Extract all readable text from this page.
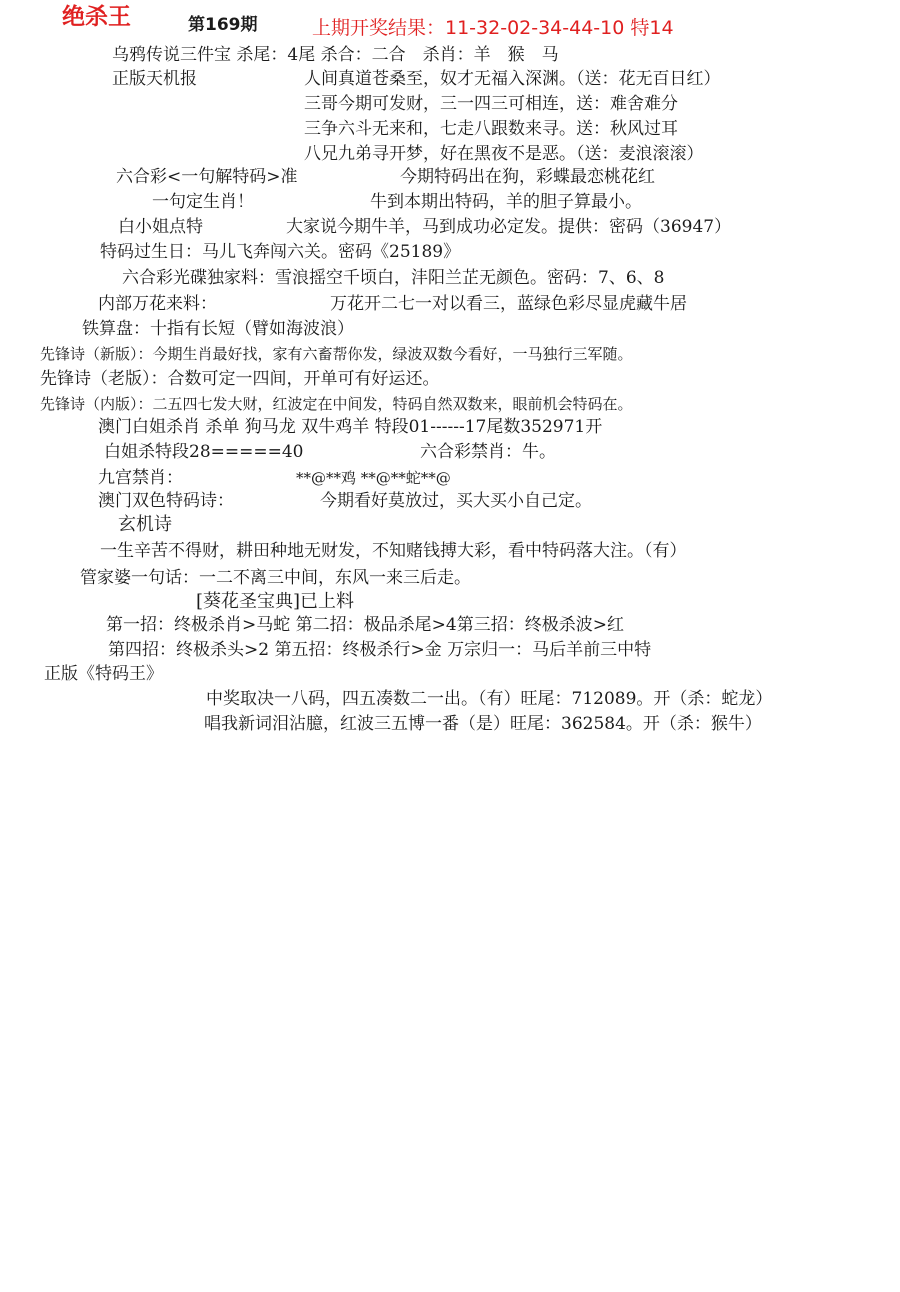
绝杀王	第169期	上期开奖结果：11-32-02-34-44-10 特14
乌鸦传说三件宝 杀尾：4尾 杀合：二合　杀肖：羊　猴　马
正版天机报	人间真道苍桑至，奴才无福入深渊。（送：花无百日红）
三哥今期可发财，三一四三可相连，送：难舍难分
三争六斗无来和，七走八跟数来寻。送：秋风过耳
八兄九弟寻开梦，好在黑夜不是恶。（送：麦浪滚滚）
六合彩<一句解特码>准	今期特码出在狗，彩蝶最恋桃花红
一句定生肖！	牛到本期出特码，羊的胆子算最小。
白小姐点特	大家说今期牛羊，马到成功必定发。提供：密码（36947）
特码过生日：马儿飞奔闯六关。密码《25189》
六合彩光碟独家料：雪浪摇空千顷白，沣阳兰芷无颜色。密码：7、6、8
内部万花来料：	万花开二七一对以看三，蓝绿色彩尽显虎藏牛居
铁算盘：十指有长短（臂如海波浪）
先锋诗（新版）：今期生肖最好找，家有六畜帮你发，绿波双数今看好，一马独行三军随。
先锋诗（老版）：合数可定一四间，开单可有好运还。
先锋诗（内版）：二五四七发大财，红波定在中间发，特码自然双数来，眼前机会特码在。
澳门白姐杀肖 杀单 狗马龙 双牛鸡羊 特段01------17尾数352971开
白姐杀特段28=====40	六合彩禁肖：牛。
九宫禁肖：	**@**鸡 **@**蛇**@
澳门双色特码诗：	今期看好莫放过，买大买小自己定。
玄机诗
一生辛苦不得财，耕田种地无财发，不知赌钱搏大彩，看中特码落大注。（有）
管家婆一句话：一二不离三中间，东风一来三后走。
[葵花圣宝典]已上料
第一招：终极杀肖>马蛇 第二招：极品杀尾>4第三招：终极杀波>红
第四招：终极杀头>2 第五招：终极杀行>金 万宗归一：马后羊前三中特
正版《特码王》
中奖取决一八码，四五凑数二一出。（有）旺尾：712089。开（杀：蛇龙）
唱我新词泪沾臆，红波三五博一番（是）旺尾：362584。开（杀：猴牛）
